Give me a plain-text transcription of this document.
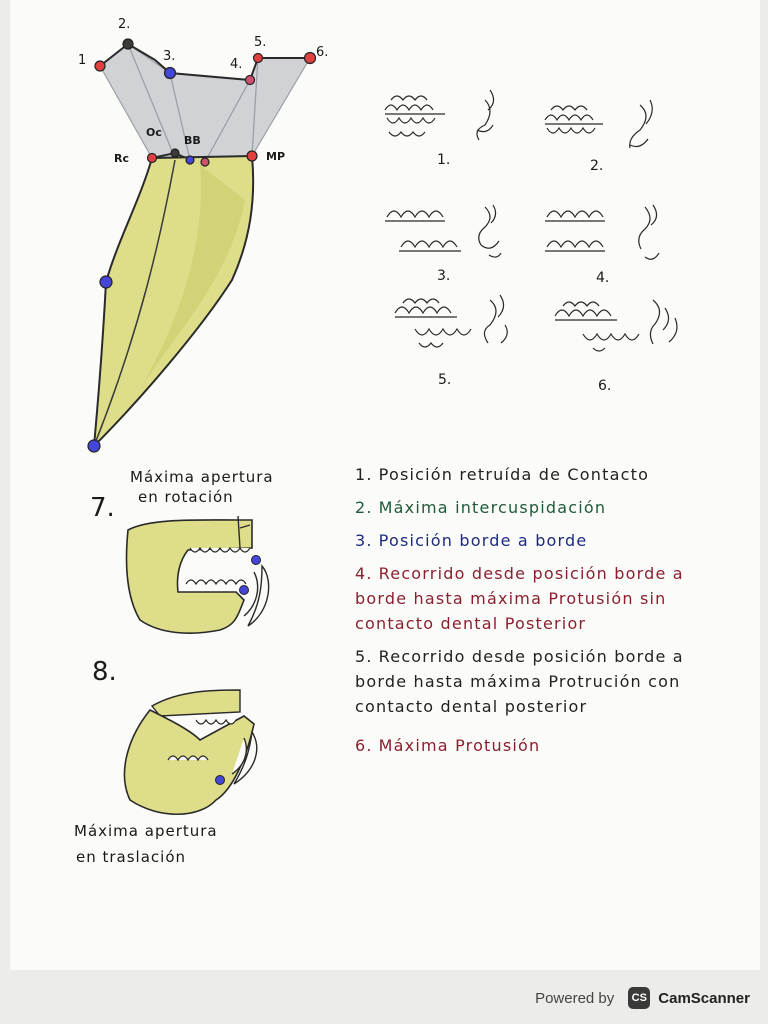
1
2.
3.
4.
5.
6.
Rc
Oc
BB
MP	1.	2.
3.	4.
5.	6.
Máxima apertura
en rotación
7.
8.
Máxima apertura
en traslación
1. Posición retruída de Contacto
2. Máxima intercuspidación
3. Posición borde a borde
4. Recorrido desde posición borde a borde hasta máxima Protusión sin contacto dental Posterior
5. Recorrido desde posición borde a borde hasta máxima Protrución con contacto dental posterior
6. Máxima Protusión
Powered by	CS CamScanner
